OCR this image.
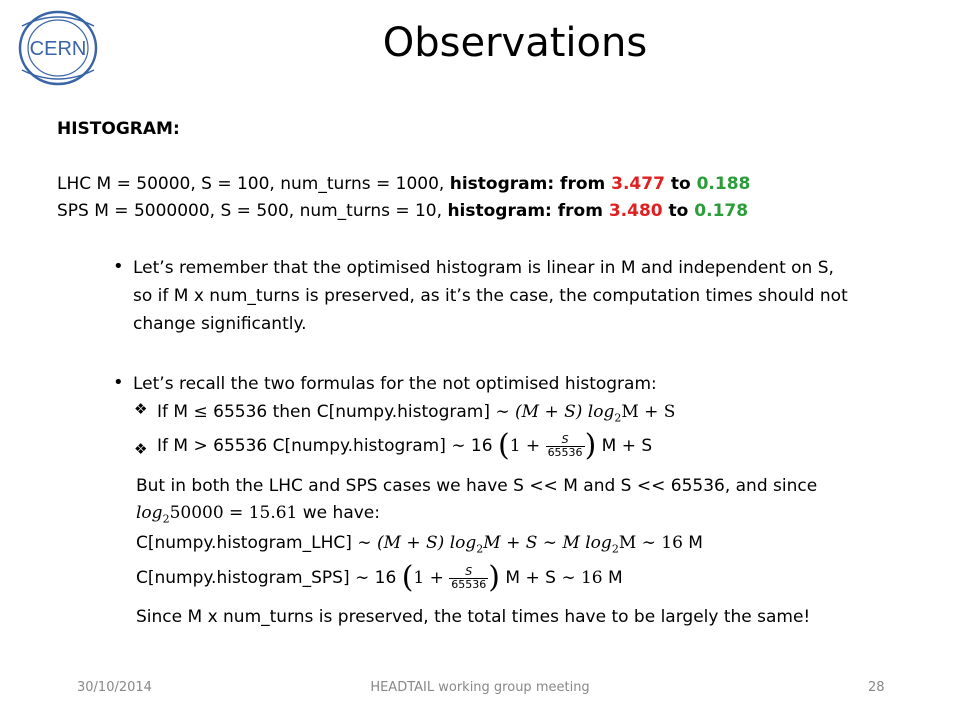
CERN	Observations
HISTOGRAM:
LHC M = 50000, S = 100, num_turns = 1000, histogram: from 3.477 to 0.188
SPS M = 5000000, S = 500, num_turns = 10, histogram: from 3.480 to 0.178
• Let’s remember that the optimised histogram is linear in M and independent on S,
so if M x num_turns is preserved, as it’s the case, the computation times should not
change significantly.
• Let’s recall the two formulas for the not optimised histogram:
❖ If M ≤ 65536 then C[numpy.histogram] ∼ (M + S) $\log_2M + S$
❖ If M > 65536 C[numpy.histogram] ∼ 16 ($1 + \frac{S}{65536}$ ) M + S
But in both the LHC and SPS cases we have S << M and S << 65536, and since
$\log_250000 = 15.61$ we have:
C[numpy.histogram_LHC] ∼ (M + S) $\log_2M + S$ ∼ M $\log_2M$ ∼ 16 M
C[numpy.histogram_SPS] ∼ 16 ($1 + \frac{S}{65536}$ ) M + S ∼ 16 M
Since M x num_turns is preserved, the total times have to be largely the same!
30/10/2014	HEADTAIL working group meeting	28
